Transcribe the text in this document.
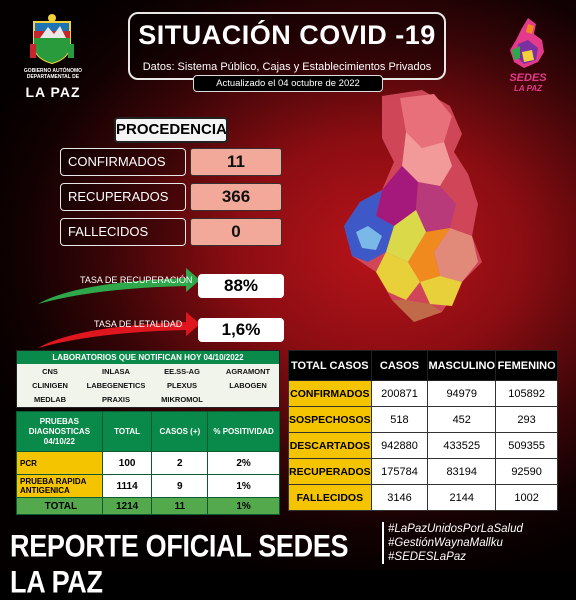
GOBIERNO AUTÓNOMO DEPARTAMENTAL DE
LA PAZ
SITUACIÓN COVID -19
Datos: Sistema Público, Cajas y Establecimientos Privados
Actualizado el 04 octubre de 2022	SEDES
LA PAZ
PROCEDENCIA
CONFIRMADOS	11
RECUPERADOS	366
FALLECIDOS	0
TASA DE RECUPERACIÓN	88%
TASA DE LETALIDAD	1,6%
LABORATORIOS QUE NOTIFICAN HOY 04/10/2022
CNS	INLASA	EE.SS-AG	AGRAMONT
CLINIGEN	LABEGENETICS	PLEXUS	LABOGEN
MEDLAB	PRAXIS	MIKROMOL
PRUEBAS DIAGNOSTICAS 04/10/22	TOTAL	CASOS (+)	% POSITIVIDAD
PCR	100	2	2%
PRUEBA RAPIDA ANTIGENICA	1114	9	1%
TOTAL	1214	11	1%
TOTAL CASOS	CASOS	MASCULINO	FEMENINO
CONFIRMADOS	200871	94979	105892
SOSPECHOSOS	518	452	293
DESCARTADOS	942880	433525	509355
RECUPERADOS	175784	83194	92590
FALLECIDOS	3146	2144	1002
REPORTE OFICIAL SEDES LA PAZ
#LaPazUnidosPorLaSalud
#GestiónWaynaMallku
#SEDESLaPaz
